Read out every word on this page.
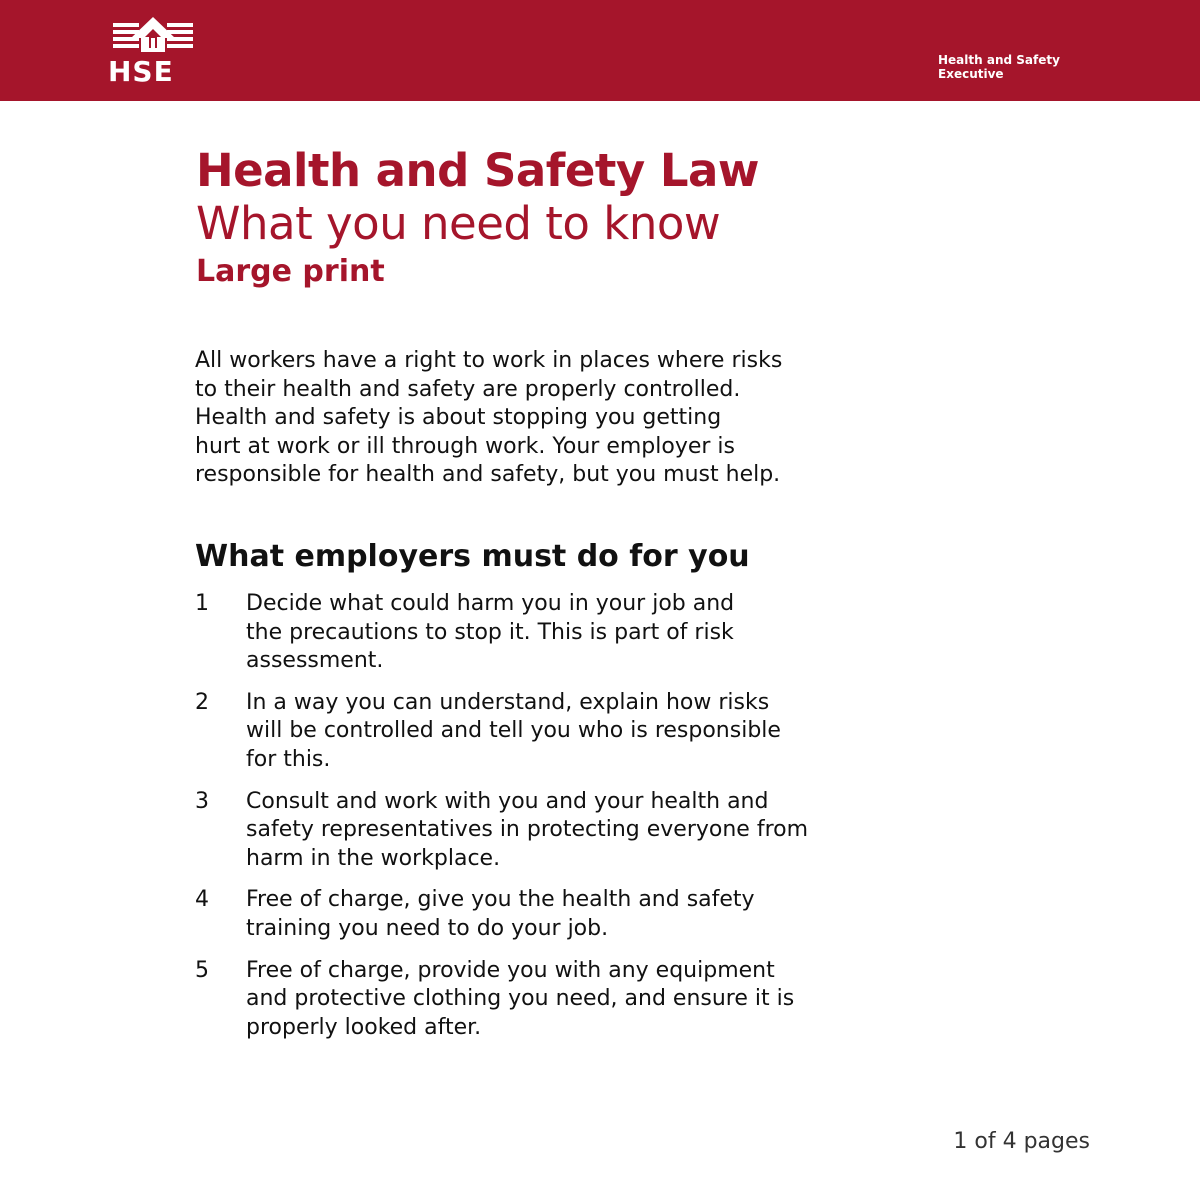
HSE	Health and Safety
Executive
Health and Safety Law
What you need to know
Large print

All workers have a right to work in places where risks
to their health and safety are properly controlled.
Health and safety is about stopping you getting
hurt at work or ill through work. Your employer is
responsible for health and safety, but you must help.

What employers must do for you
1 Decide what could harm you in your job and
the precautions to stop it. This is part of risk
assessment.
2 In a way you can understand, explain how risks
will be controlled and tell you who is responsible
for this.
3 Consult and work with you and your health and
safety representatives in protecting everyone from
harm in the workplace.
4 Free of charge, give you the health and safety
training you need to do your job.
5 Free of charge, provide you with any equipment
and protective clothing you need, and ensure it is
properly looked after.
1 of 4 pages
